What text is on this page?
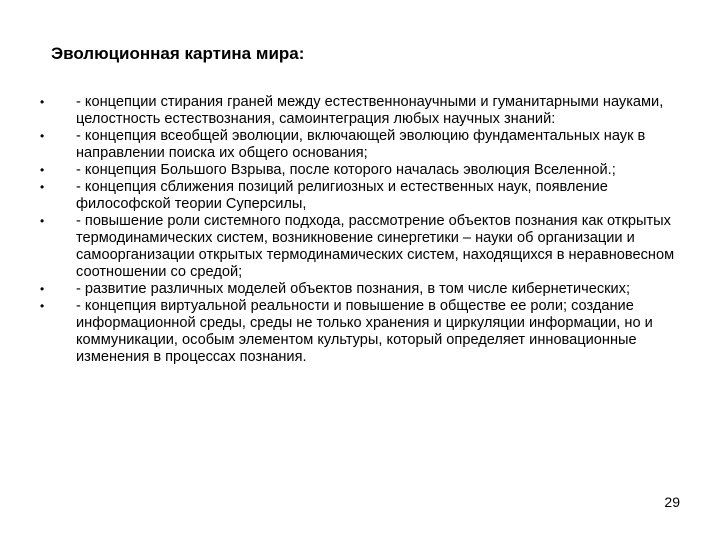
Эволюционная картина мира:
•	- концепции стирания граней между естественнонаучными и гуманитарными науками, целостность естествознания, самоинтеграция любых научных знаний:
•	- концепция всеобщей эволюции, включающей эволюцию фундаментальных наук в направлении поиска их общего основания;
•	- концепция Большого Взрыва, после которого началась эволюция Вселенной.;
•	- концепция сближения позиций религиозных и естественных наук, появление философской теории Суперсилы,
•	- повышение роли системного подхода, рассмотрение объектов познания как открытых термодинамических систем, возникновение синергетики – науки об организации и самоорганизации открытых термодинамических систем, находящихся в неравновесном соотношении со средой;
•	- развитие различных моделей объектов познания, в том числе кибернетических;
•	- концепция виртуальной реальности и повышение в обществе ее роли; создание информационной среды, среды не только хранения и циркуляции информации, но и коммуникации, особым элементом культуры, который определяет инновационные изменения в процессах познания.
29
